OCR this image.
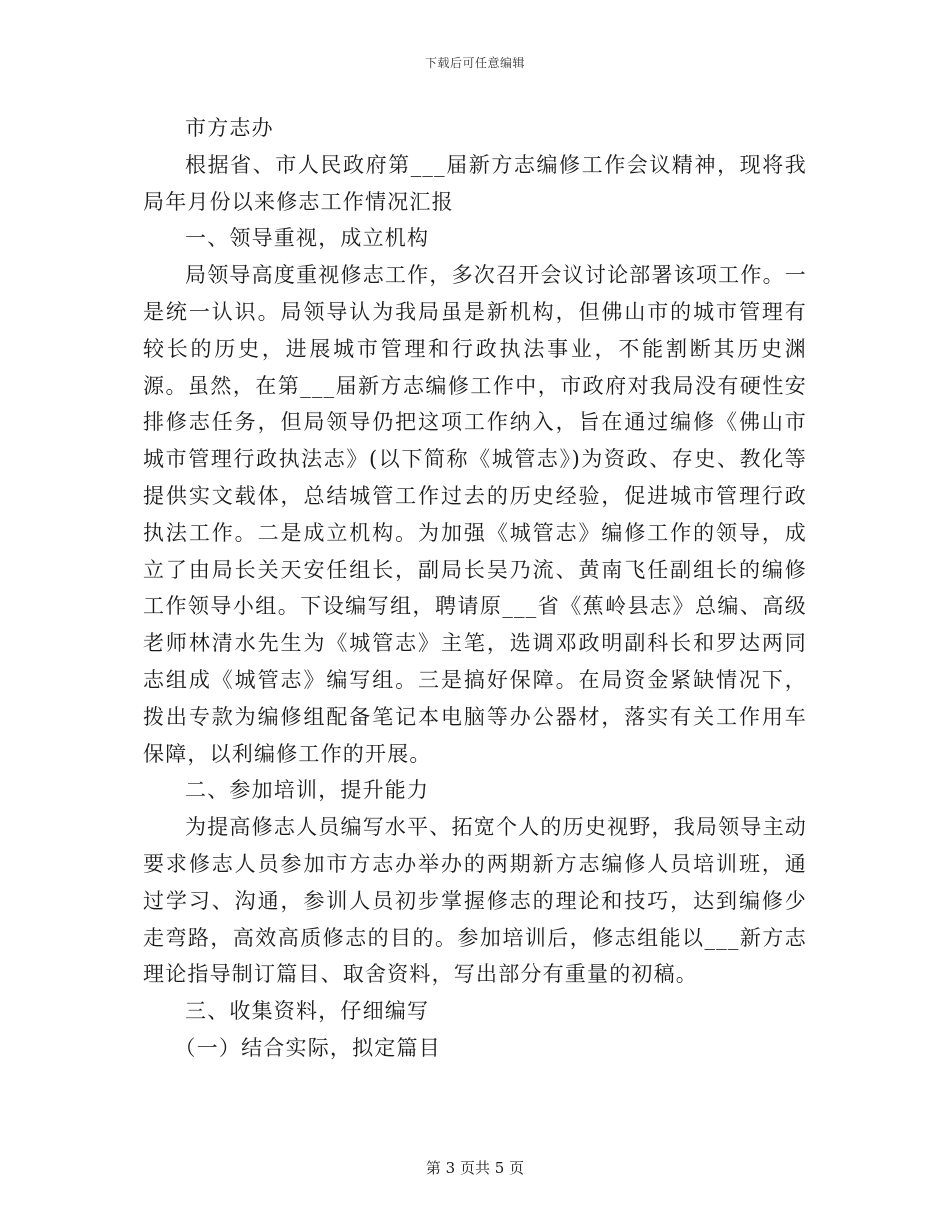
下载后可任意编辑

市方志办

根据省、市人民政府第___届新方志编修工作会议精神，现将我局年月份以来修志工作情况汇报

一、领导重视，成立机构

局领导高度重视修志工作，多次召开会议讨论部署该项工作。一是统一认识。局领导认为我局虽是新机构，但佛山市的城市管理有较长的历史，进展城市管理和行政执法事业，不能割断其历史渊源。虽然，在第___届新方志编修工作中，市政府对我局没有硬性安排修志任务，但局领导仍把这项工作纳入，旨在通过编修《佛山市城市管理行政执法志》(以下简称《城管志》)为资政、存史、教化等提供实文载体，总结城管工作过去的历史经验，促进城市管理行政执法工作。二是成立机构。为加强《城管志》编修工作的领导，成立了由局长关天安任组长，副局长吴乃流、黄南飞任副组长的编修工作领导小组。下设编写组，聘请原___省《蕉岭县志》总编、高级老师林清水先生为《城管志》主笔，选调邓政明副科长和罗达两同志组成《城管志》编写组。三是搞好保障。在局资金紧缺情况下，拨出专款为编修组配备笔记本电脑等办公器材，落实有关工作用车保障，以利编修工作的开展。

二、参加培训，提升能力

为提高修志人员编写水平、拓宽个人的历史视野，我局领导主动要求修志人员参加市方志办举办的两期新方志编修人员培训班，通过学习、沟通，参训人员初步掌握修志的理论和技巧，达到编修少走弯路，高效高质修志的目的。参加培训后，修志组能以___新方志理论指导制订篇目、取舍资料，写出部分有重量的初稿。

三、收集资料，仔细编写

（一）结合实际，拟定篇目

第 3 页共 5 页
